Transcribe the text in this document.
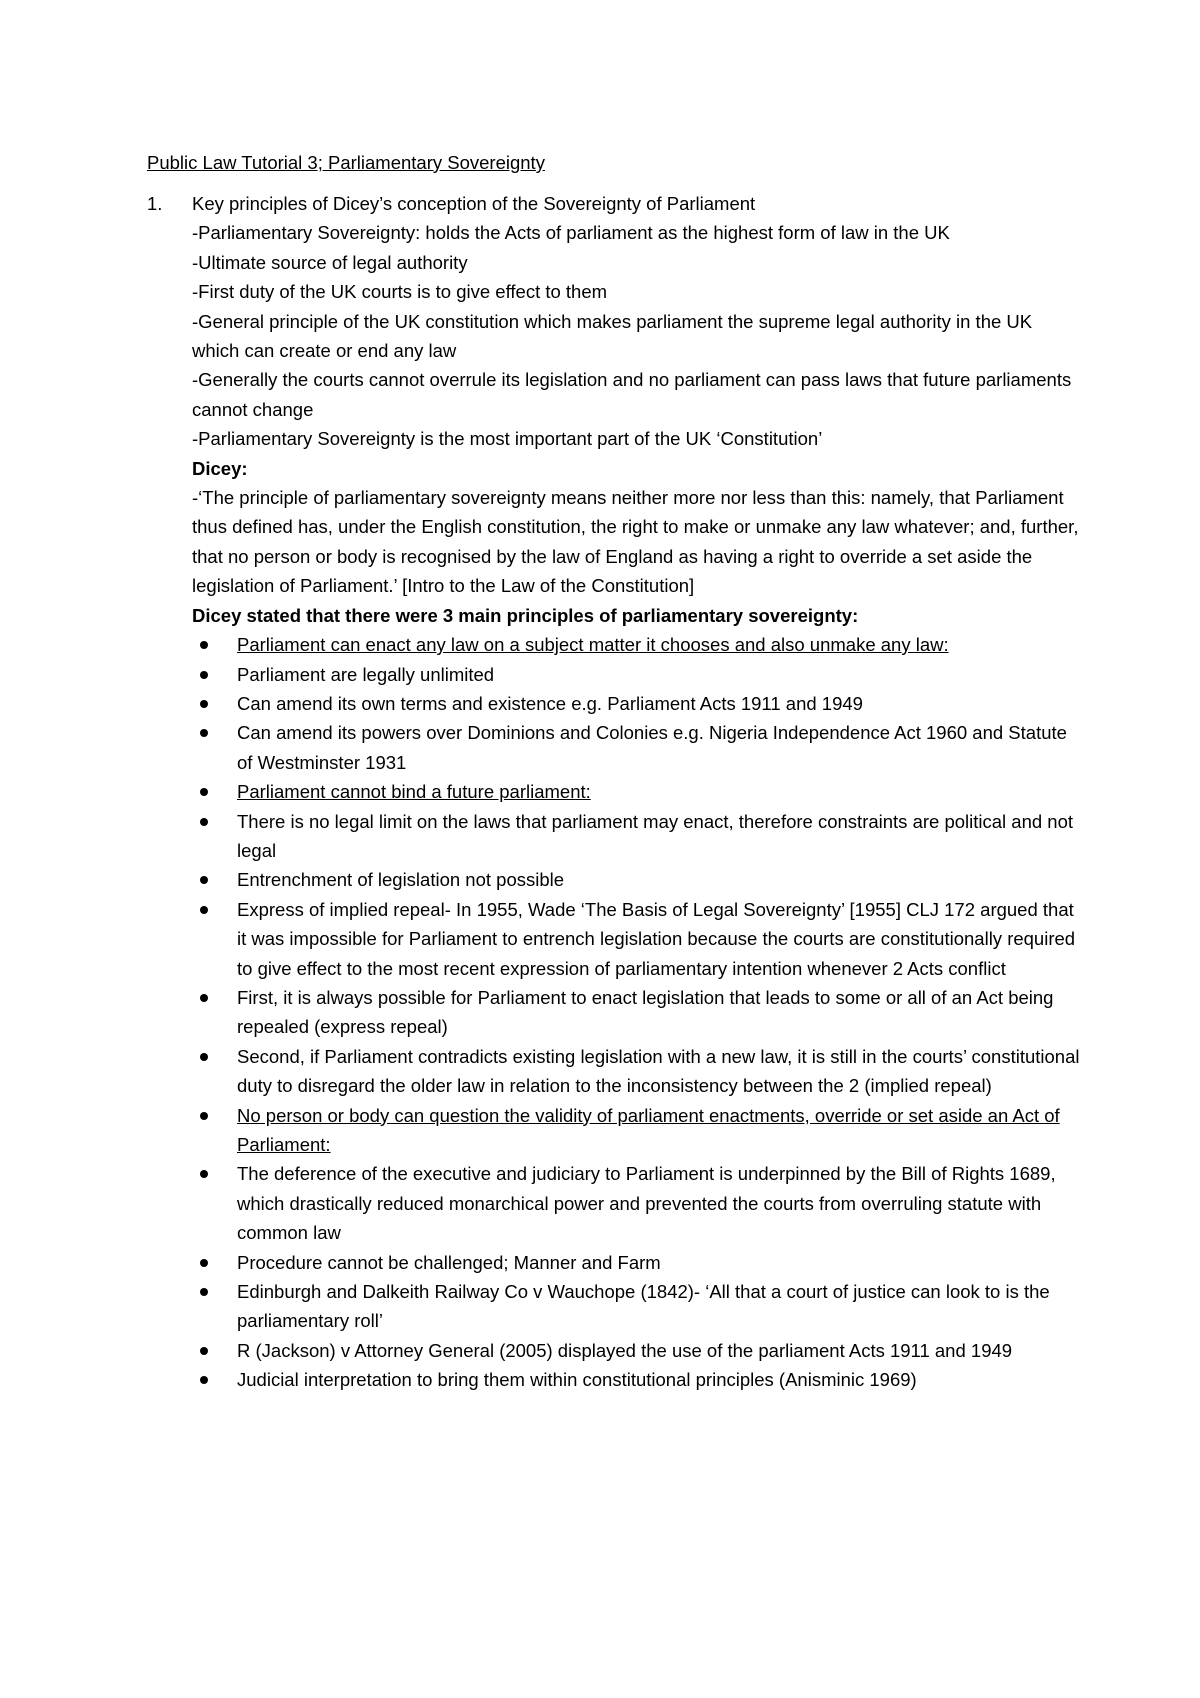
Public Law Tutorial 3; Parliamentary Sovereignty

1. Key principles of Dicey’s conception of the Sovereignty of Parliament

-Parliamentary Sovereignty: holds the Acts of parliament as the highest form of law in the UK

-Ultimate source of legal authority

-First duty of the UK courts is to give effect to them

-General principle of the UK constitution which makes parliament the supreme legal authority in the UK which can create or end any law

-Generally the courts cannot overrule its legislation and no parliament can pass laws that future parliaments cannot change

-Parliamentary Sovereignty is the most important part of the UK ‘Constitution’

Dicey:

-‘The principle of parliamentary sovereignty means neither more nor less than this: namely, that Parliament thus defined has, under the English constitution, the right to make or unmake any law whatever; and, further, that no person or body is recognised by the law of England as having a right to override a set aside the legislation of Parliament.’ [Intro to the Law of the Constitution]

Dicey stated that there were 3 main principles of parliamentary sovereignty:

Parliament can enact any law on a subject matter it chooses and also unmake any law:
Parliament are legally unlimited
Can amend its own terms and existence e.g. Parliament Acts 1911 and 1949
Can amend its powers over Dominions and Colonies e.g. Nigeria Independence Act 1960 and Statute of Westminster 1931
Parliament cannot bind a future parliament:
There is no legal limit on the laws that parliament may enact, therefore constraints are political and not legal
Entrenchment of legislation not possible
Express of implied repeal- In 1955, Wade ‘The Basis of Legal Sovereignty’ [1955] CLJ 172 argued that it was impossible for Parliament to entrench legislation because the courts are constitutionally required to give effect to the most recent expression of parliamentary intention whenever 2 Acts conflict
First, it is always possible for Parliament to enact legislation that leads to some or all of an Act being repealed (express repeal)
Second, if Parliament contradicts existing legislation with a new law, it is still in the courts’ constitutional duty to disregard the older law in relation to the inconsistency between the 2 (implied repeal)
No person or body can question the validity of parliament enactments, override or set aside an Act of Parliament:
The deference of the executive and judiciary to Parliament is underpinned by the Bill of Rights 1689, which drastically reduced monarchical power and prevented the courts from overruling statute with common law
Procedure cannot be challenged; Manner and Farm
Edinburgh and Dalkeith Railway Co v Wauchope (1842)- ‘All that a court of justice can look to is the parliamentary roll’
R (Jackson) v Attorney General (2005) displayed the use of the parliament Acts 1911 and 1949
Judicial interpretation to bring them within constitutional principles (Anisminic 1969)
